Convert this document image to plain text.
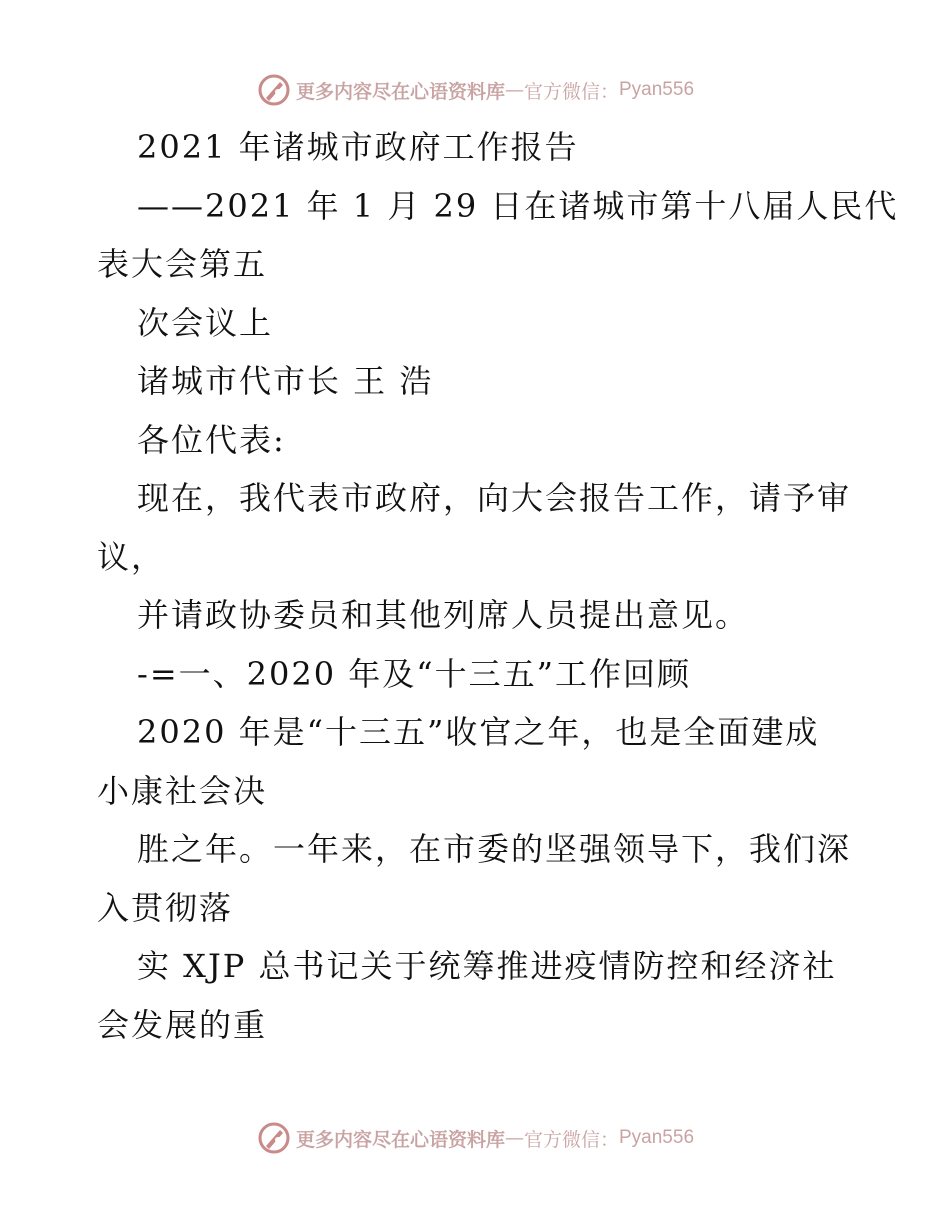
更多内容尽在心语资料库 — 官方微信： Pyan556
2021 年诸城市政府工作报告
——2021 年 1 月 29 日在诸城市第十八届人民代
表大会第五
次会议上
诸城市代市长 王 浩
各位代表:
现在，我代表市政府，向大会报告工作，请予审
议，
并请政协委员和其他列席人员提出意见。
-=一、2020 年及“十三五”工作回顾
2020 年是“十三五”收官之年，也是全面建成
小康社会决
胜之年。一年来，在市委的坚强领导下，我们深
入贯彻落
实 XJP 总书记关于统筹推进疫情防控和经济社
会发展的重
更多内容尽在心语资料库 — 官方微信： Pyan556
